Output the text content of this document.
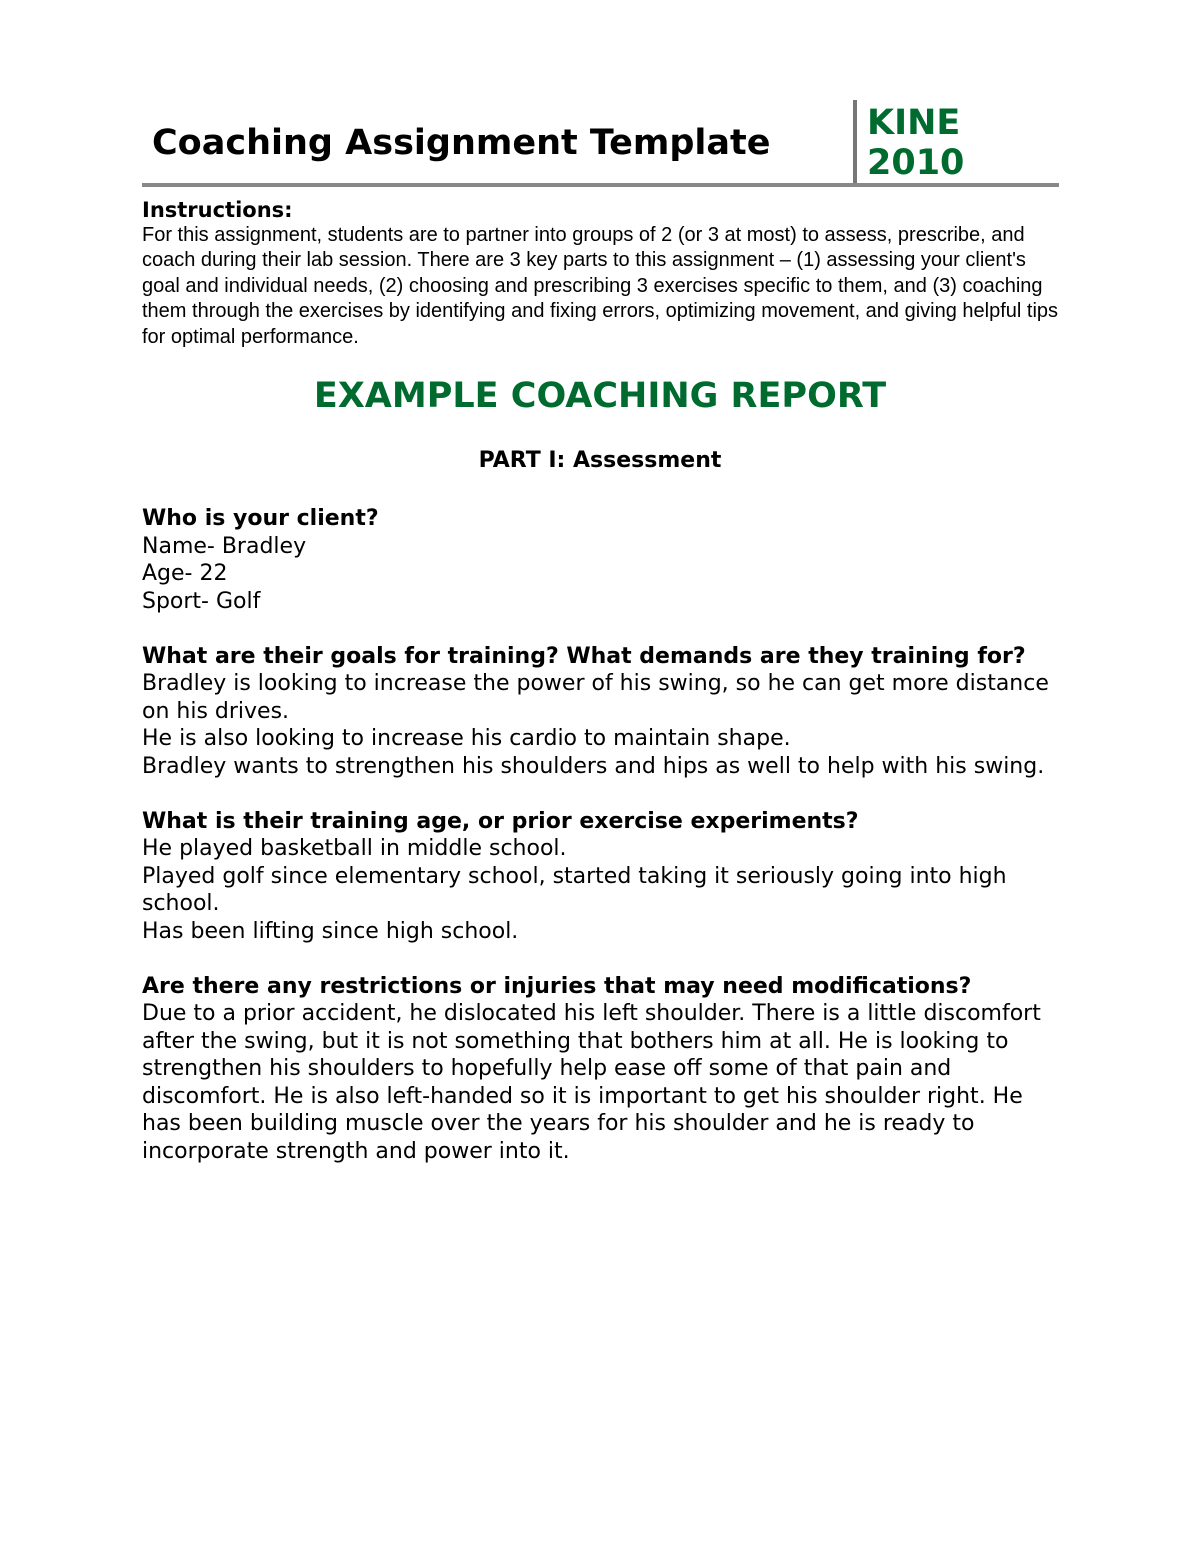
Coaching Assignment Template	KINE
2010
Instructions:
For this assignment, students are to partner into groups of 2 (or 3 at most) to assess, prescribe, and coach during their lab session. There are 3 key parts to this assignment – (1) assessing your client's goal and individual needs, (2) choosing and prescribing 3 exercises specific to them, and (3) coaching them through the exercises by identifying and fixing errors, optimizing movement, and giving helpful tips for optimal performance.
EXAMPLE COACHING REPORT
PART I: Assessment
Who is your client?
Name- Bradley
Age- 22
Sport- Golf
What are their goals for training? What demands are they training for?
Bradley is looking to increase the power of his swing, so he can get more distance on his drives.
He is also looking to increase his cardio to maintain shape.
Bradley wants to strengthen his shoulders and hips as well to help with his swing.
What is their training age, or prior exercise experiments?
He played basketball in middle school.
Played golf since elementary school, started taking it seriously going into high school.
Has been lifting since high school.
Are there any restrictions or injuries that may need modifications?
Due to a prior accident, he dislocated his left shoulder. There is a little discomfort after the swing, but it is not something that bothers him at all. He is looking to strengthen his shoulders to hopefully help ease off some of that pain and discomfort. He is also left-handed so it is important to get his shoulder right. He has been building muscle over the years for his shoulder and he is ready to incorporate strength and power into it.
